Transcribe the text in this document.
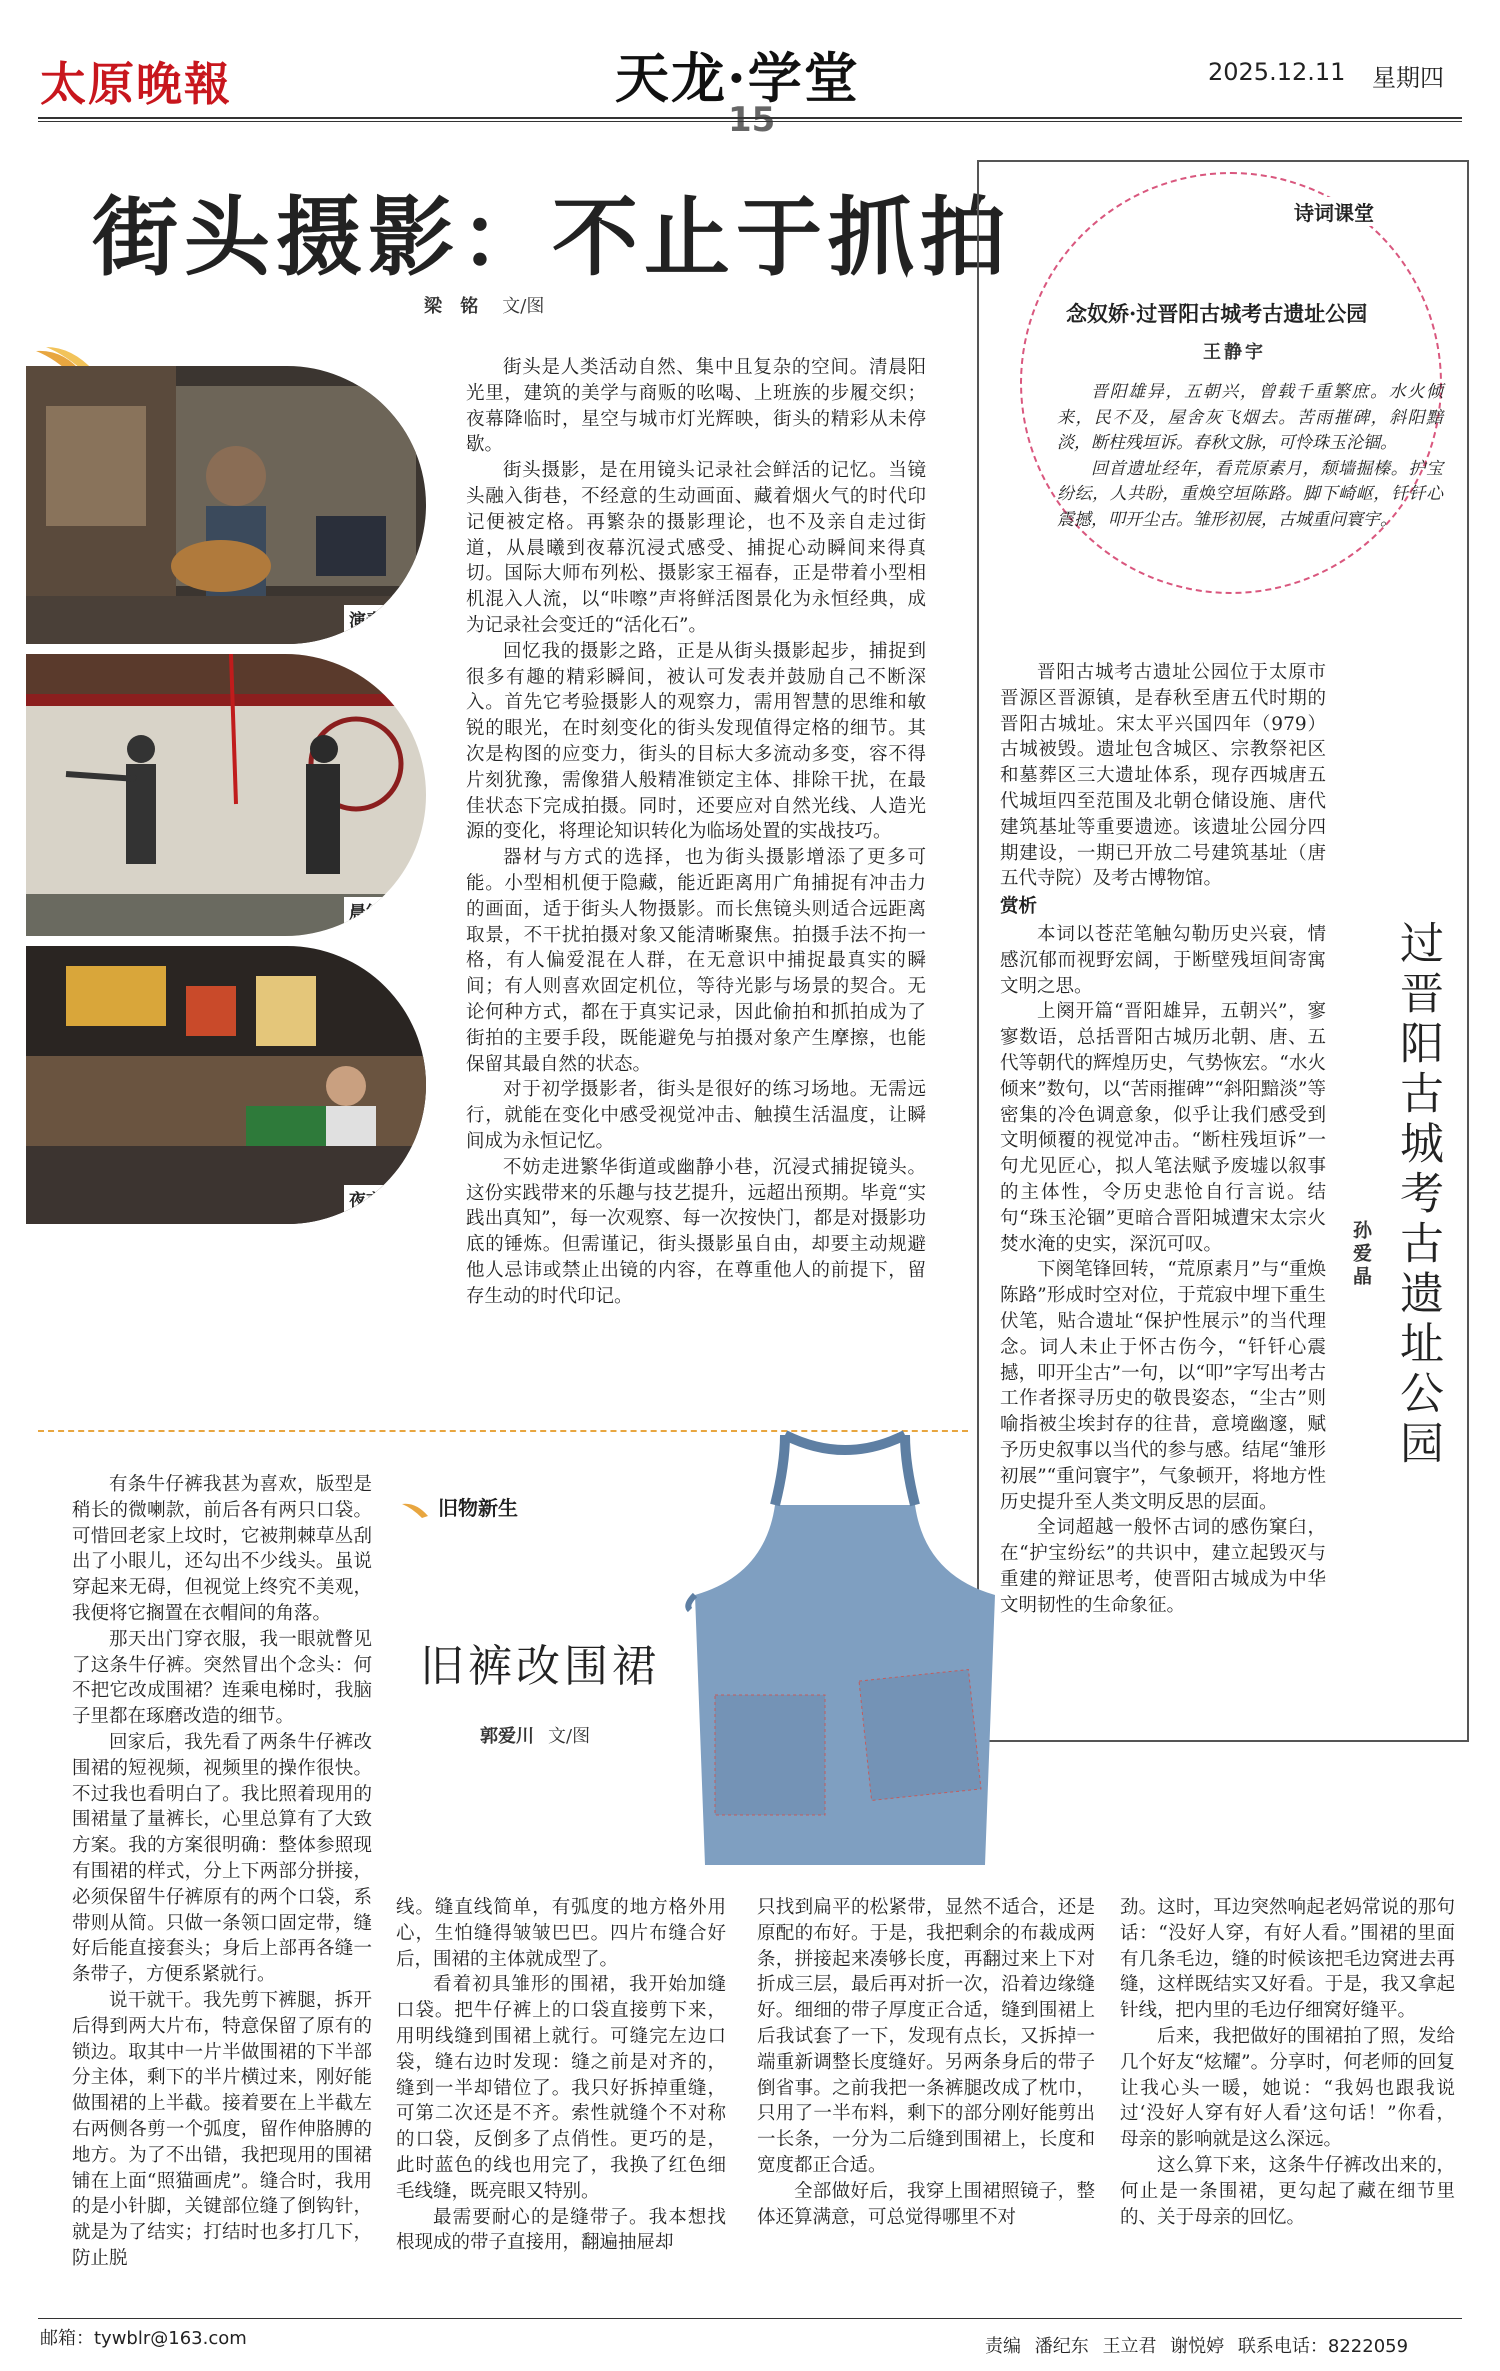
太原晚報	天龙·学堂
15
2025.12.11 星期四
街头摄影：不止于抓拍
梁 铭 文/图
演奏
晨练
夜市

街头是人类活动自然、集中且复杂的空间。清晨阳光里，建筑的美学与商贩的吆喝、上班族的步履交织；夜幕降临时，星空与城市灯光辉映，街头的精彩从未停歇。

街头摄影，是在用镜头记录社会鲜活的记忆。当镜头融入街巷，不经意的生动画面、藏着烟火气的时代印记便被定格。再繁杂的摄影理论，也不及亲自走过街道，从晨曦到夜幕沉浸式感受、捕捉心动瞬间来得真切。国际大师布列松、摄影家王福春，正是带着小型相机混入人流，以“咔嚓”声将鲜活图景化为永恒经典，成为记录社会变迁的“活化石”。

回忆我的摄影之路，正是从街头摄影起步，捕捉到很多有趣的精彩瞬间，被认可发表并鼓励自己不断深入。首先它考验摄影人的观察力，需用智慧的思维和敏锐的眼光，在时刻变化的街头发现值得定格的细节。其次是构图的应变力，街头的目标大多流动多变，容不得片刻犹豫，需像猎人般精准锁定主体、排除干扰，在最佳状态下完成拍摄。同时，还要应对自然光线、人造光源的变化，将理论知识转化为临场处置的实战技巧。

器材与方式的选择，也为街头摄影增添了更多可能。小型相机便于隐藏，能近距离用广角捕捉有冲击力的画面，适于街头人物摄影。而长焦镜头则适合远距离取景，不干扰拍摄对象又能清晰聚焦。拍摄手法不拘一格，有人偏爱混在人群，在无意识中捕捉最真实的瞬间；有人则喜欢固定机位，等待光影与场景的契合。无论何种方式，都在于真实记录，因此偷拍和抓拍成为了街拍的主要手段，既能避免与拍摄对象产生摩擦，也能保留其最自然的状态。

对于初学摄影者，街头是很好的练习场地。无需远行，就能在变化中感受视觉冲击、触摸生活温度，让瞬间成为永恒记忆。

不妨走进繁华街道或幽静小巷，沉浸式捕捉镜头。这份实践带来的乐趣与技艺提升，远超出预期。毕竟“实践出真知”，每一次观察、每一次按快门，都是对摄影功底的锤炼。但需谨记，街头摄影虽自由，却要主动规避他人忌讳或禁止出镜的内容，在尊重他人的前提下，留存生动的时代印记。

诗词课堂
念奴娇·过晋阳古城考古遗址公园
王静宇

晋阳雄异，五朝兴，曾载千重繁庶。水火倾来，民不及，屋舍灰飞烟去。苦雨摧碑，斜阳黯淡，断柱残垣诉。春秋文脉，可怜珠玉沦锢。

回首遗址经年，看荒原素月，颓墙掘榛。护宝纷纭，人共盼，重焕空垣陈路。脚下崎岖，钎钎心震撼，叩开尘古。雏形初展，古城重问寰宇。

晋阳古城考古遗址公园位于太原市晋源区晋源镇，是春秋至唐五代时期的晋阳古城址。宋太平兴国四年（979）古城被毁。遗址包含城区、宗教祭祀区和墓葬区三大遗址体系，现存西城唐五代城垣四至范围及北朝仓储设施、唐代建筑基址等重要遗迹。该遗址公园分四期建设，一期已开放二号建筑基址（唐五代寺院）及考古博物馆。

赏析

本词以苍茫笔触勾勒历史兴衰，情感沉郁而视野宏阔，于断壁残垣间寄寓文明之思。

上阕开篇“晋阳雄异，五朝兴”，寥寥数语，总括晋阳古城历北朝、唐、五代等朝代的辉煌历史，气势恢宏。“水火倾来”数句，以“苦雨摧碑”“斜阳黯淡”等密集的冷色调意象，似乎让我们感受到文明倾覆的视觉冲击。“断柱残垣诉”一句尤见匠心，拟人笔法赋予废墟以叙事的主体性，令历史悲怆自行言说。结句“珠玉沦锢”更暗合晋阳城遭宋太宗火焚水淹的史实，深沉可叹。

下阕笔锋回转，“荒原素月”与“重焕陈路”形成时空对位，于荒寂中埋下重生伏笔，贴合遗址“保护性展示”的当代理念。词人未止于怀古伤今，“钎钎心震撼，叩开尘古”一句，以“叩”字写出考古工作者探寻历史的敬畏姿态，“尘古”则喻指被尘埃封存的往昔，意境幽邃，赋予历史叙事以当代的参与感。结尾“雏形初展”“重问寰宇”，气象顿开，将地方性历史提升至人类文明反思的层面。

全词超越一般怀古词的感伤窠臼，在“护宝纷纭”的共识中，建立起毁灭与重建的辩证思考，使晋阳古城成为中华文明韧性的生命象征。

过晋阳古城考古遗址公园
孙爱晶
旧物新生
旧裤改围裙
郭爱川 文/图

有条牛仔裤我甚为喜欢，版型是稍长的微喇款，前后各有两只口袋。可惜回老家上坟时，它被荆棘草丛刮出了小眼儿，还勾出不少线头。虽说穿起来无碍，但视觉上终究不美观，我便将它搁置在衣帽间的角落。

那天出门穿衣服，我一眼就瞥见了这条牛仔裤。突然冒出个念头：何不把它改成围裙？连乘电梯时，我脑子里都在琢磨改造的细节。

回家后，我先看了两条牛仔裤改围裙的短视频，视频里的操作很快。不过我也看明白了。我比照着现用的围裙量了量裤长，心里总算有了大致方案。我的方案很明确：整体参照现有围裙的样式，分上下两部分拼接，必须保留牛仔裤原有的两个口袋，系带则从简。只做一条领口固定带，缝好后能直接套头；身后上部再各缝一条带子，方便系紧就行。

说干就干。我先剪下裤腿，拆开后得到两大片布，特意保留了原有的锁边。取其中一片半做围裙的下半部分主体，剩下的半片横过来，刚好能做围裙的上半截。接着要在上半截左右两侧各剪一个弧度，留作伸胳膊的地方。为了不出错，我把现用的围裙铺在上面“照猫画虎”。缝合时，我用的是小针脚，关键部位缝了倒钩针，就是为了结实；打结时也多打几下，防止脱

线。缝直线简单，有弧度的地方格外用心，生怕缝得皱皱巴巴。四片布缝合好后，围裙的主体就成型了。

看着初具雏形的围裙，我开始加缝口袋。把牛仔裤上的口袋直接剪下来，用明线缝到围裙上就行。可缝完左边口袋，缝右边时发现：缝之前是对齐的，缝到一半却错位了。我只好拆掉重缝，可第二次还是不齐。索性就缝个不对称的口袋，反倒多了点俏性。更巧的是，此时蓝色的线也用完了，我换了红色细毛线缝，既亮眼又特别。

最需要耐心的是缝带子。我本想找根现成的带子直接用，翻遍抽屉却

只找到扁平的松紧带，显然不适合，还是原配的布好。于是，我把剩余的布裁成两条，拼接起来凑够长度，再翻过来上下对折成三层，最后再对折一次，沿着边缘缝好。细细的带子厚度正合适，缝到围裙上后我试套了一下，发现有点长，又拆掉一端重新调整长度缝好。另两条身后的带子倒省事。之前我把一条裤腿改成了枕巾，只用了一半布料，剩下的部分刚好能剪出一长条，一分为二后缝到围裙上，长度和宽度都正合适。

全部做好后，我穿上围裙照镜子，整体还算满意，可总觉得哪里不对

劲。这时，耳边突然响起老妈常说的那句话：“没好人穿，有好人看。”围裙的里面有几条毛边，缝的时候该把毛边窝进去再缝，这样既结实又好看。于是，我又拿起针线，把内里的毛边仔细窝好缝平。

后来，我把做好的围裙拍了照，发给几个好友“炫耀”。分享时，何老师的回复让我心头一暖，她说：“我妈也跟我说过‘没好人穿有好人看’这句话！”你看，母亲的影响就是这么深远。

这么算下来，这条牛仔裤改出来的，何止是一条围裙，更勾起了藏在细节里的、关于母亲的回忆。

邮箱：tywblr@163.com	责编 潘纪东 王立君 谢悦婷 联系电话：8222059
